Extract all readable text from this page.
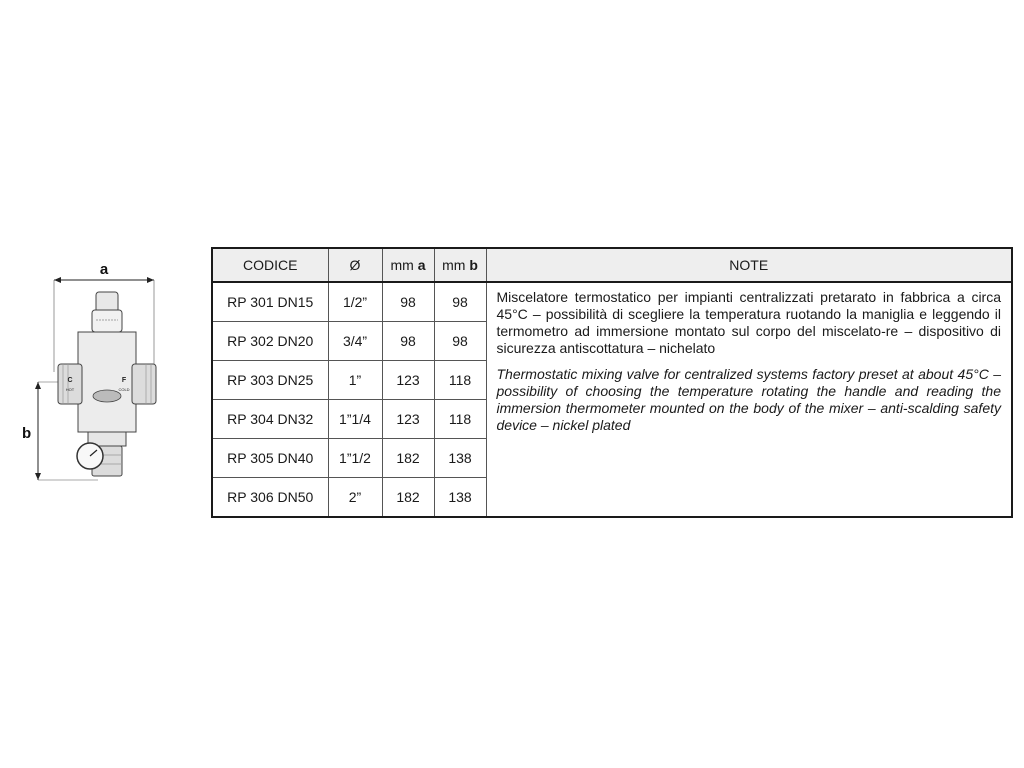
a
b
C
HOT
F
COLD
CODICE	Ø	mm a	mm b	NOTE
RP 301 DN15	1/2”	98	98	Miscelatore termostatico per impianti centralizzati pretarato in fabbrica a circa 45°C – possibilità di scegliere la temperatura ruotando la maniglia e leggendo il termometro ad immersione montato sul corpo del miscelato-re – dispositivo di sicurezza antiscottatura – nichelato

Thermostatic mixing valve for centralized systems factory preset at about 45°C – possibility of choosing the temperature rotating the handle and reading the immersion thermometer mounted on the body of the mixer – anti-scalding safety device – nickel plated

RP 302 DN20	3/4”	98	98	
RP 303 DN25	1”	123	118	
RP 304 DN32	1”1/4	123	118	
RP 305 DN40	1”1/2	182	138	
RP 306 DN50	2”	182	138	
